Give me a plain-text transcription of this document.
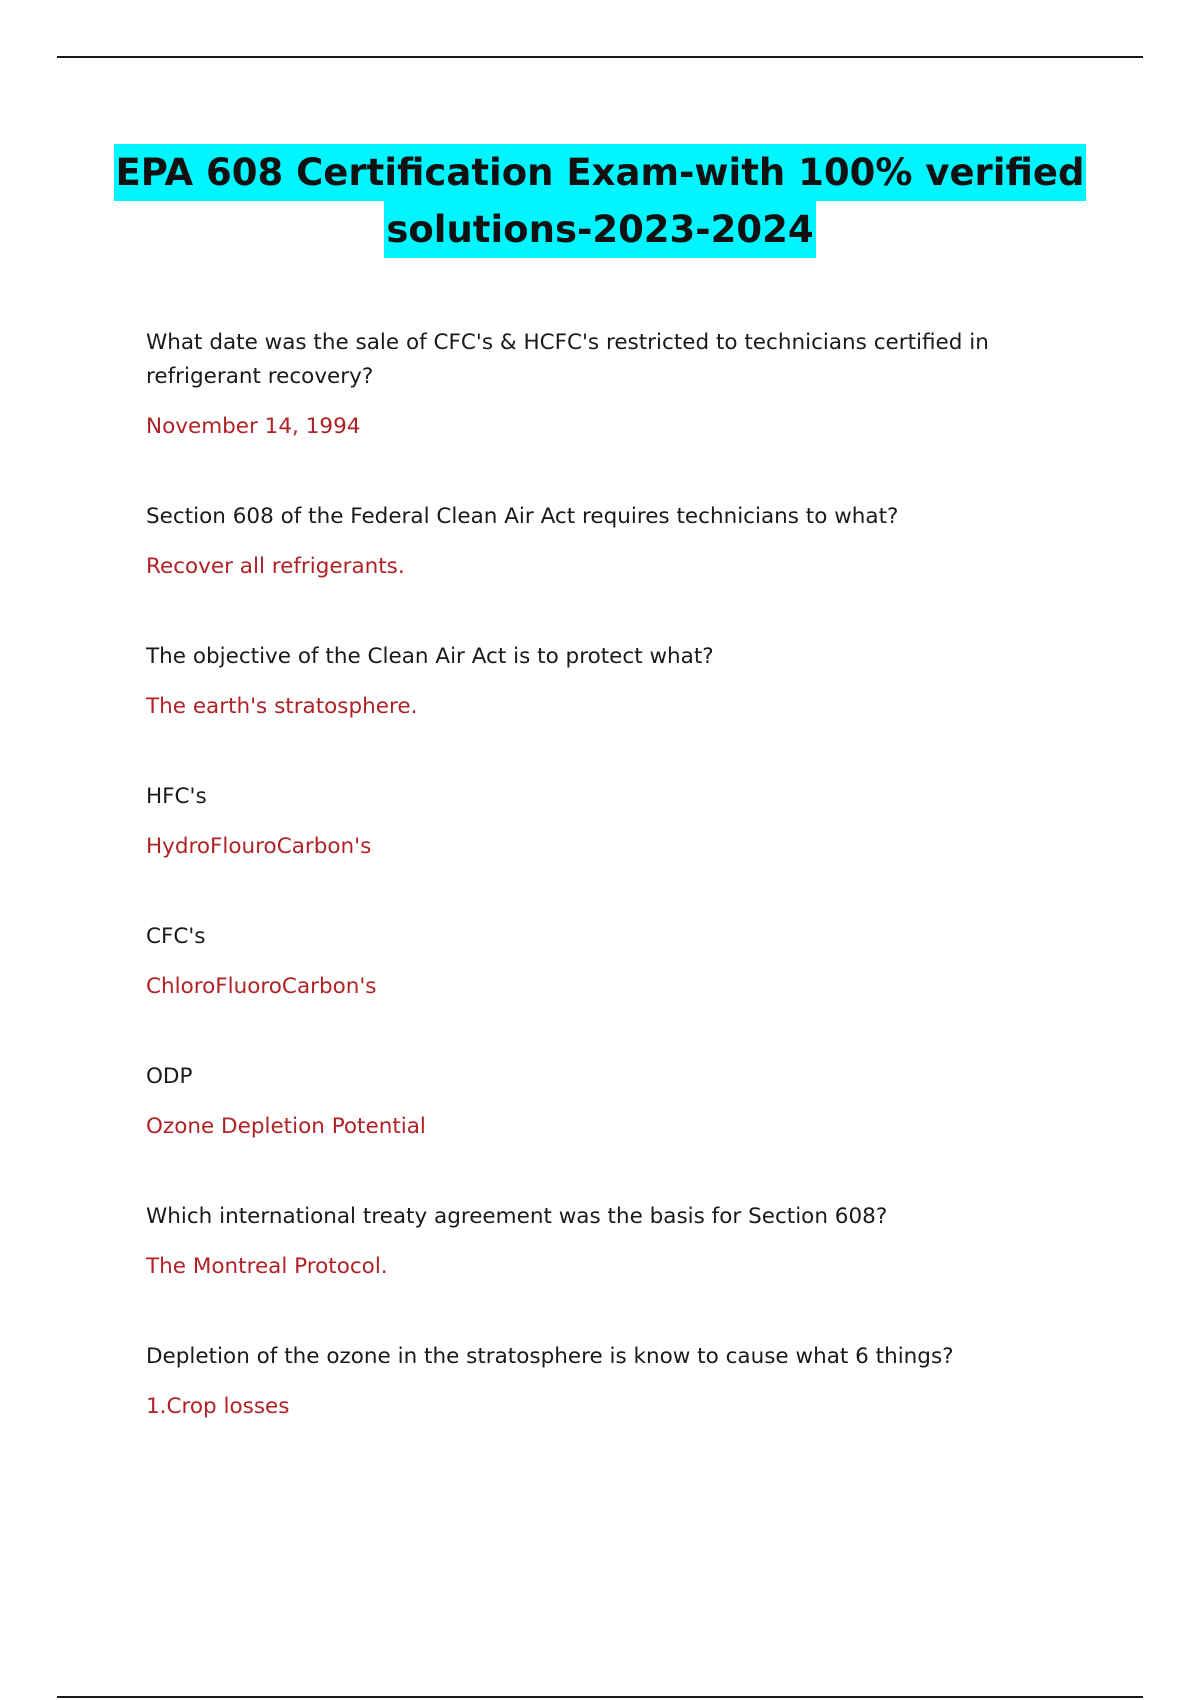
EPA 608 Certification Exam-with 100% verified
solutions-2023-2024

What date was the sale of CFC's & HCFC's restricted to technicians certified in refrigerant recovery?

November 14, 1994

Section 608 of the Federal Clean Air Act requires technicians to what?

Recover all refrigerants.

The objective of the Clean Air Act is to protect what?

The earth's stratosphere.

HFC's

HydroFlouroCarbon's

CFC's

ChloroFluoroCarbon's

ODP

Ozone Depletion Potential

Which international treaty agreement was the basis for Section 608?

The Montreal Protocol.

Depletion of the ozone in the stratosphere is know to cause what 6 things?

1.Crop losses
